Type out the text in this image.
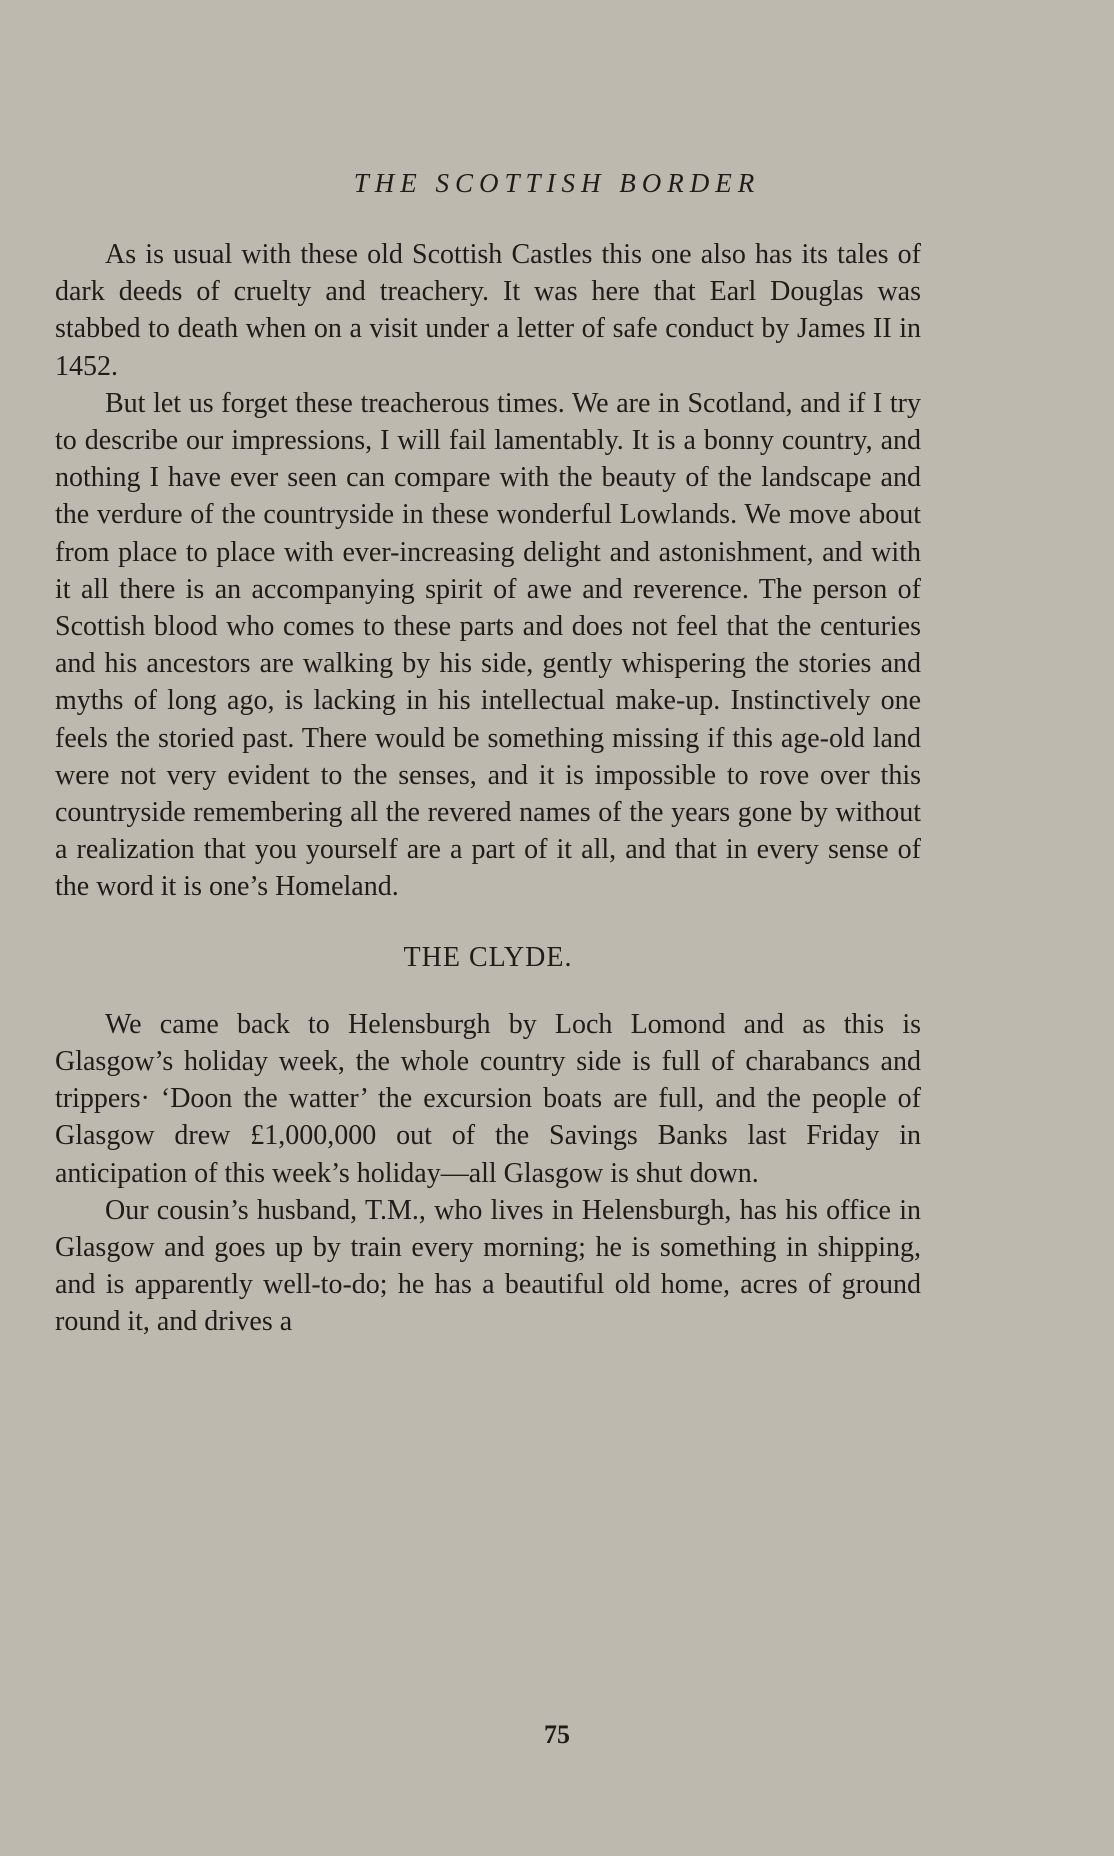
THE SCOTTISH BORDER

As is usual with these old Scottish Castles this one also has its tales of dark deeds of cruelty and treachery. It was here that Earl Douglas was stabbed to death when on a visit under a letter of safe conduct by James II in 1452.

But let us forget these treacherous times. We are in Scotland, and if I try to describe our impressions, I will fail lamentably. It is a bonny country, and nothing I have ever seen can compare with the beauty of the landscape and the verdure of the countryside in these wonderful Lowlands. We move about from place to place with ever-increasing delight and astonishment, and with it all there is an accompanying spirit of awe and reverence. The person of Scottish blood who comes to these parts and does not feel that the centuries and his ancestors are walking by his side, gently whispering the stories and myths of long ago, is lacking in his intellectual make-up. Instinctively one feels the storied past. There would be something missing if this age-old land were not very evident to the senses, and it is impossible to rove over this countryside remembering all the revered names of the years gone by without a realization that you yourself are a part of it all, and that in every sense of the word it is one’s Homeland.

THE CLYDE.

We came back to Helensburgh by Loch Lomond and as this is Glasgow’s holiday week, the whole country side is full of charabancs and trippers· ‘Doon the watter’ the excursion boats are full, and the people of Glasgow drew £1,000,000 out of the Savings Banks last Friday in anticipation of this week’s holiday—all Glasgow is shut down.

Our cousin’s husband, T.M., who lives in Helensburgh, has his office in Glasgow and goes up by train every morning; he is something in shipping, and is apparently well-to-do; he has a beautiful old home, acres of ground round it, and drives a

75
